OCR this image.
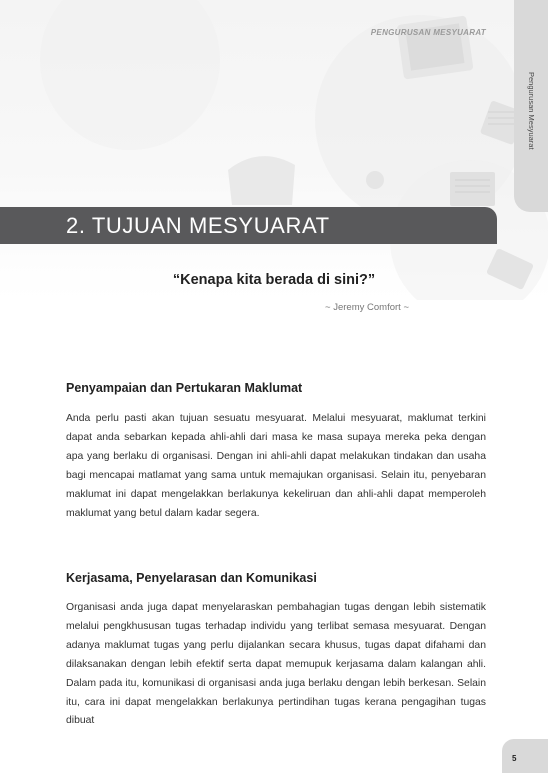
PENGURUSAN MESYUARAT
Pengurusan Mesyuarat
2. TUJUAN MESYUARAT
“Kenapa kita berada di sini?”
~ Jeremy Comfort ~
Penyampaian dan Pertukaran Maklumat

Anda perlu pasti akan tujuan sesuatu mesyuarat. Melalui mesyuarat, maklumat terkini dapat anda sebarkan kepada ahli-ahli dari masa ke masa supaya mereka peka dengan apa yang berlaku di organisasi. Dengan ini ahli-ahli dapat melakukan tindakan dan usaha bagi mencapai matlamat yang sama untuk memajukan organisasi. Selain itu, penyebaran maklumat ini dapat mengelakkan berlakunya kekeliruan dan ahli-ahli dapat memperoleh maklumat yang betul dalam kadar segera.

Kerjasama, Penyelarasan dan Komunikasi

Organisasi anda juga dapat menyelaraskan pembahagian tugas dengan lebih sistematik melalui pengkhususan tugas terhadap individu yang terlibat semasa mesyuarat. Dengan adanya maklumat tugas yang perlu dijalankan secara khusus, tugas dapat difahami dan dilaksanakan dengan lebih efektif serta dapat memupuk kerjasama dalam kalangan ahli. Dalam pada itu, komunikasi di organisasi anda juga berlaku dengan lebih berkesan. Selain itu, cara ini dapat mengelakkan berlakunya pertindihan tugas kerana pengagihan tugas dibuat

5
